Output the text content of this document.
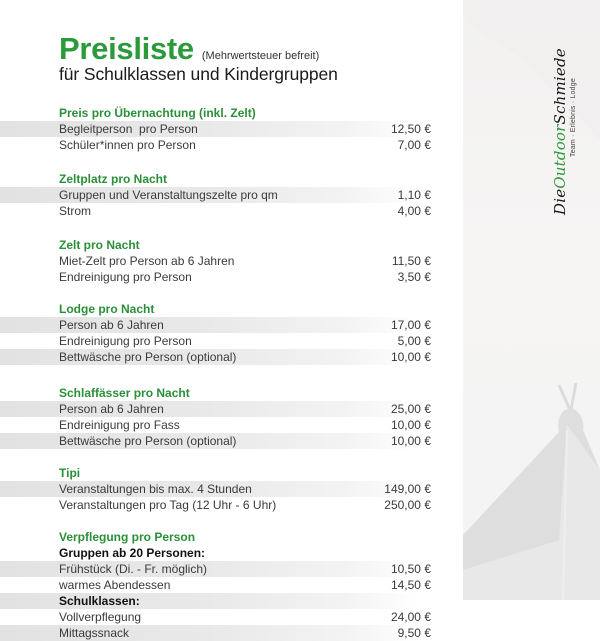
DieOutdoorSchmiede Team · Erlebnis · Lodge
Preisliste (Mehrwertsteuer befreit)
für Schulklassen und Kindergruppen
Preis pro Übernachtung (inkl. Zelt)
Begleitperson  pro Person	12,50 €
Schüler*innen pro Person	7,00 €
Zeltplatz pro Nacht
Gruppen und Veranstaltungszelte pro qm	1,10 €
Strom	4,00 €
Zelt pro Nacht
Miet-Zelt pro Person ab 6 Jahren	11,50 €
Endreinigung pro Person	3,50 €
Lodge pro Nacht
Person ab 6 Jahren	17,00 €
Endreinigung pro Person	5,00 €
Bettwäsche pro Person (optional)	10,00 €
Schlaffässer pro Nacht
Person ab 6 Jahren	25,00 €
Endreinigung pro Fass	10,00 €
Bettwäsche pro Person (optional)	10,00 €
Tipi
Veranstaltungen bis max. 4 Stunden	149,00 €
Veranstaltungen pro Tag (12 Uhr - 6 Uhr)	250,00 €
Verpflegung pro Person
Gruppen ab 20 Personen:
Frühstück (Di. - Fr. möglich)	10,50 €
warmes Abendessen	14,50 €
Schulklassen:
Vollverpflegung	24,00 €
Mittagssnack	9,50 €
